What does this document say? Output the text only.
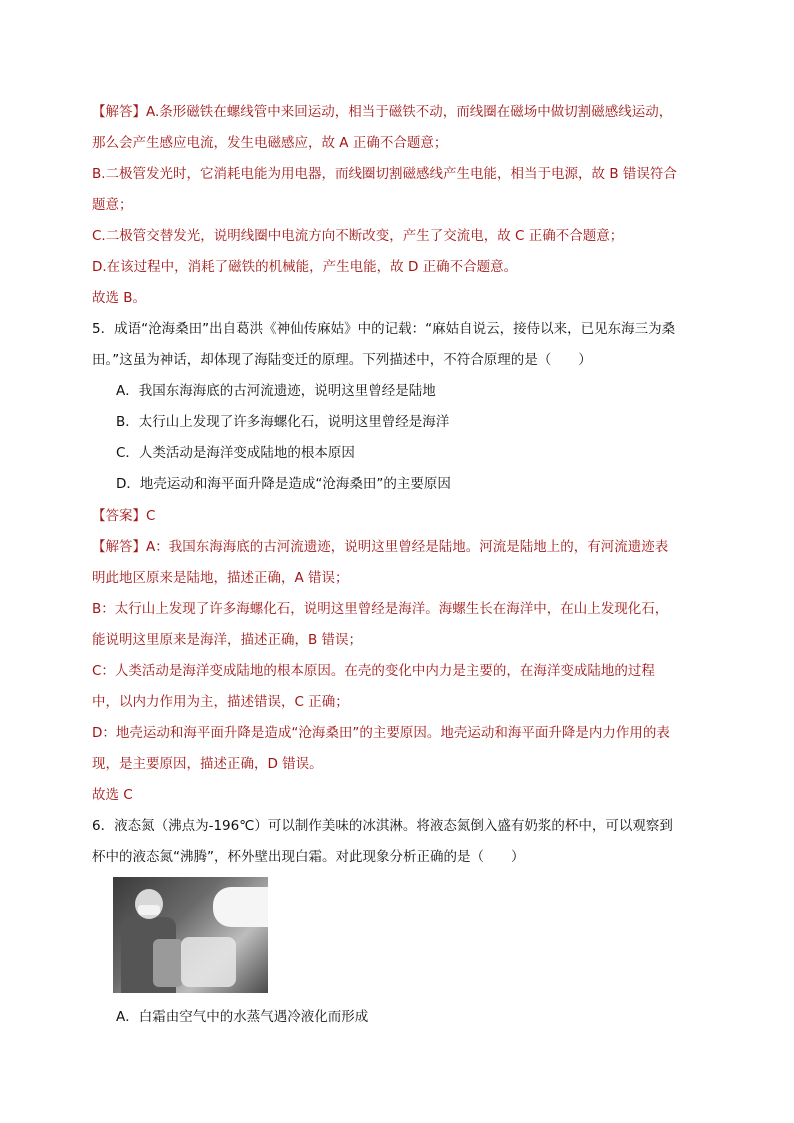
【解答】A.条形磁铁在螺线管中来回运动，相当于磁铁不动，而线圈在磁场中做切割磁感线运动，
那么会产生感应电流，发生电磁感应，故 A 正确不合题意；
B.二极管发光时，它消耗电能为用电器，而线圈切割磁感线产生电能，相当于电源，故 B 错误符合
题意；
C.二极管交替发光，说明线圈中电流方向不断改变，产生了交流电，故 C 正确不合题意；
D.在该过程中，消耗了磁铁的机械能，产生电能，故 D 正确不合题意。
故选 B。
5．成语“沧海桑田”出自葛洪《神仙传麻姑》中的记载：“麻姑自说云，接侍以来，已见东海三为桑
田。”这虽为神话，却体现了海陆变迁的原理。下列描述中，不符合原理的是（　　）
A．我国东海海底的古河流遗迹，说明这里曾经是陆地
B．太行山上发现了许多海螺化石，说明这里曾经是海洋
C．人类活动是海洋变成陆地的根本原因
D．地壳运动和海平面升降是造成“沧海桑田”的主要原因
【答案】C
【解答】A：我国东海海底的古河流遗迹，说明这里曾经是陆地。河流是陆地上的，有河流遗迹表
明此地区原来是陆地，描述正确，A 错误；
B：太行山上发现了许多海螺化石，说明这里曾经是海洋。海螺生长在海洋中，在山上发现化石，
能说明这里原来是海洋，描述正确，B 错误；
C：人类活动是海洋变成陆地的根本原因。在壳的变化中内力是主要的，在海洋变成陆地的过程
中，以内力作用为主，描述错误，C 正确；
D：地壳运动和海平面升降是造成“沧海桑田”的主要原因。地壳运动和海平面升降是内力作用的表
现，是主要原因，描述正确，D 错误。
故选 C
6．液态氮（沸点为-196℃）可以制作美味的冰淇淋。将液态氮倒入盛有奶浆的杯中，可以观察到
杯中的液态氮“沸腾”，杯外壁出现白霜。对此现象分析正确的是（　　）
A．白霜由空气中的水蒸气遇冷液化而形成
